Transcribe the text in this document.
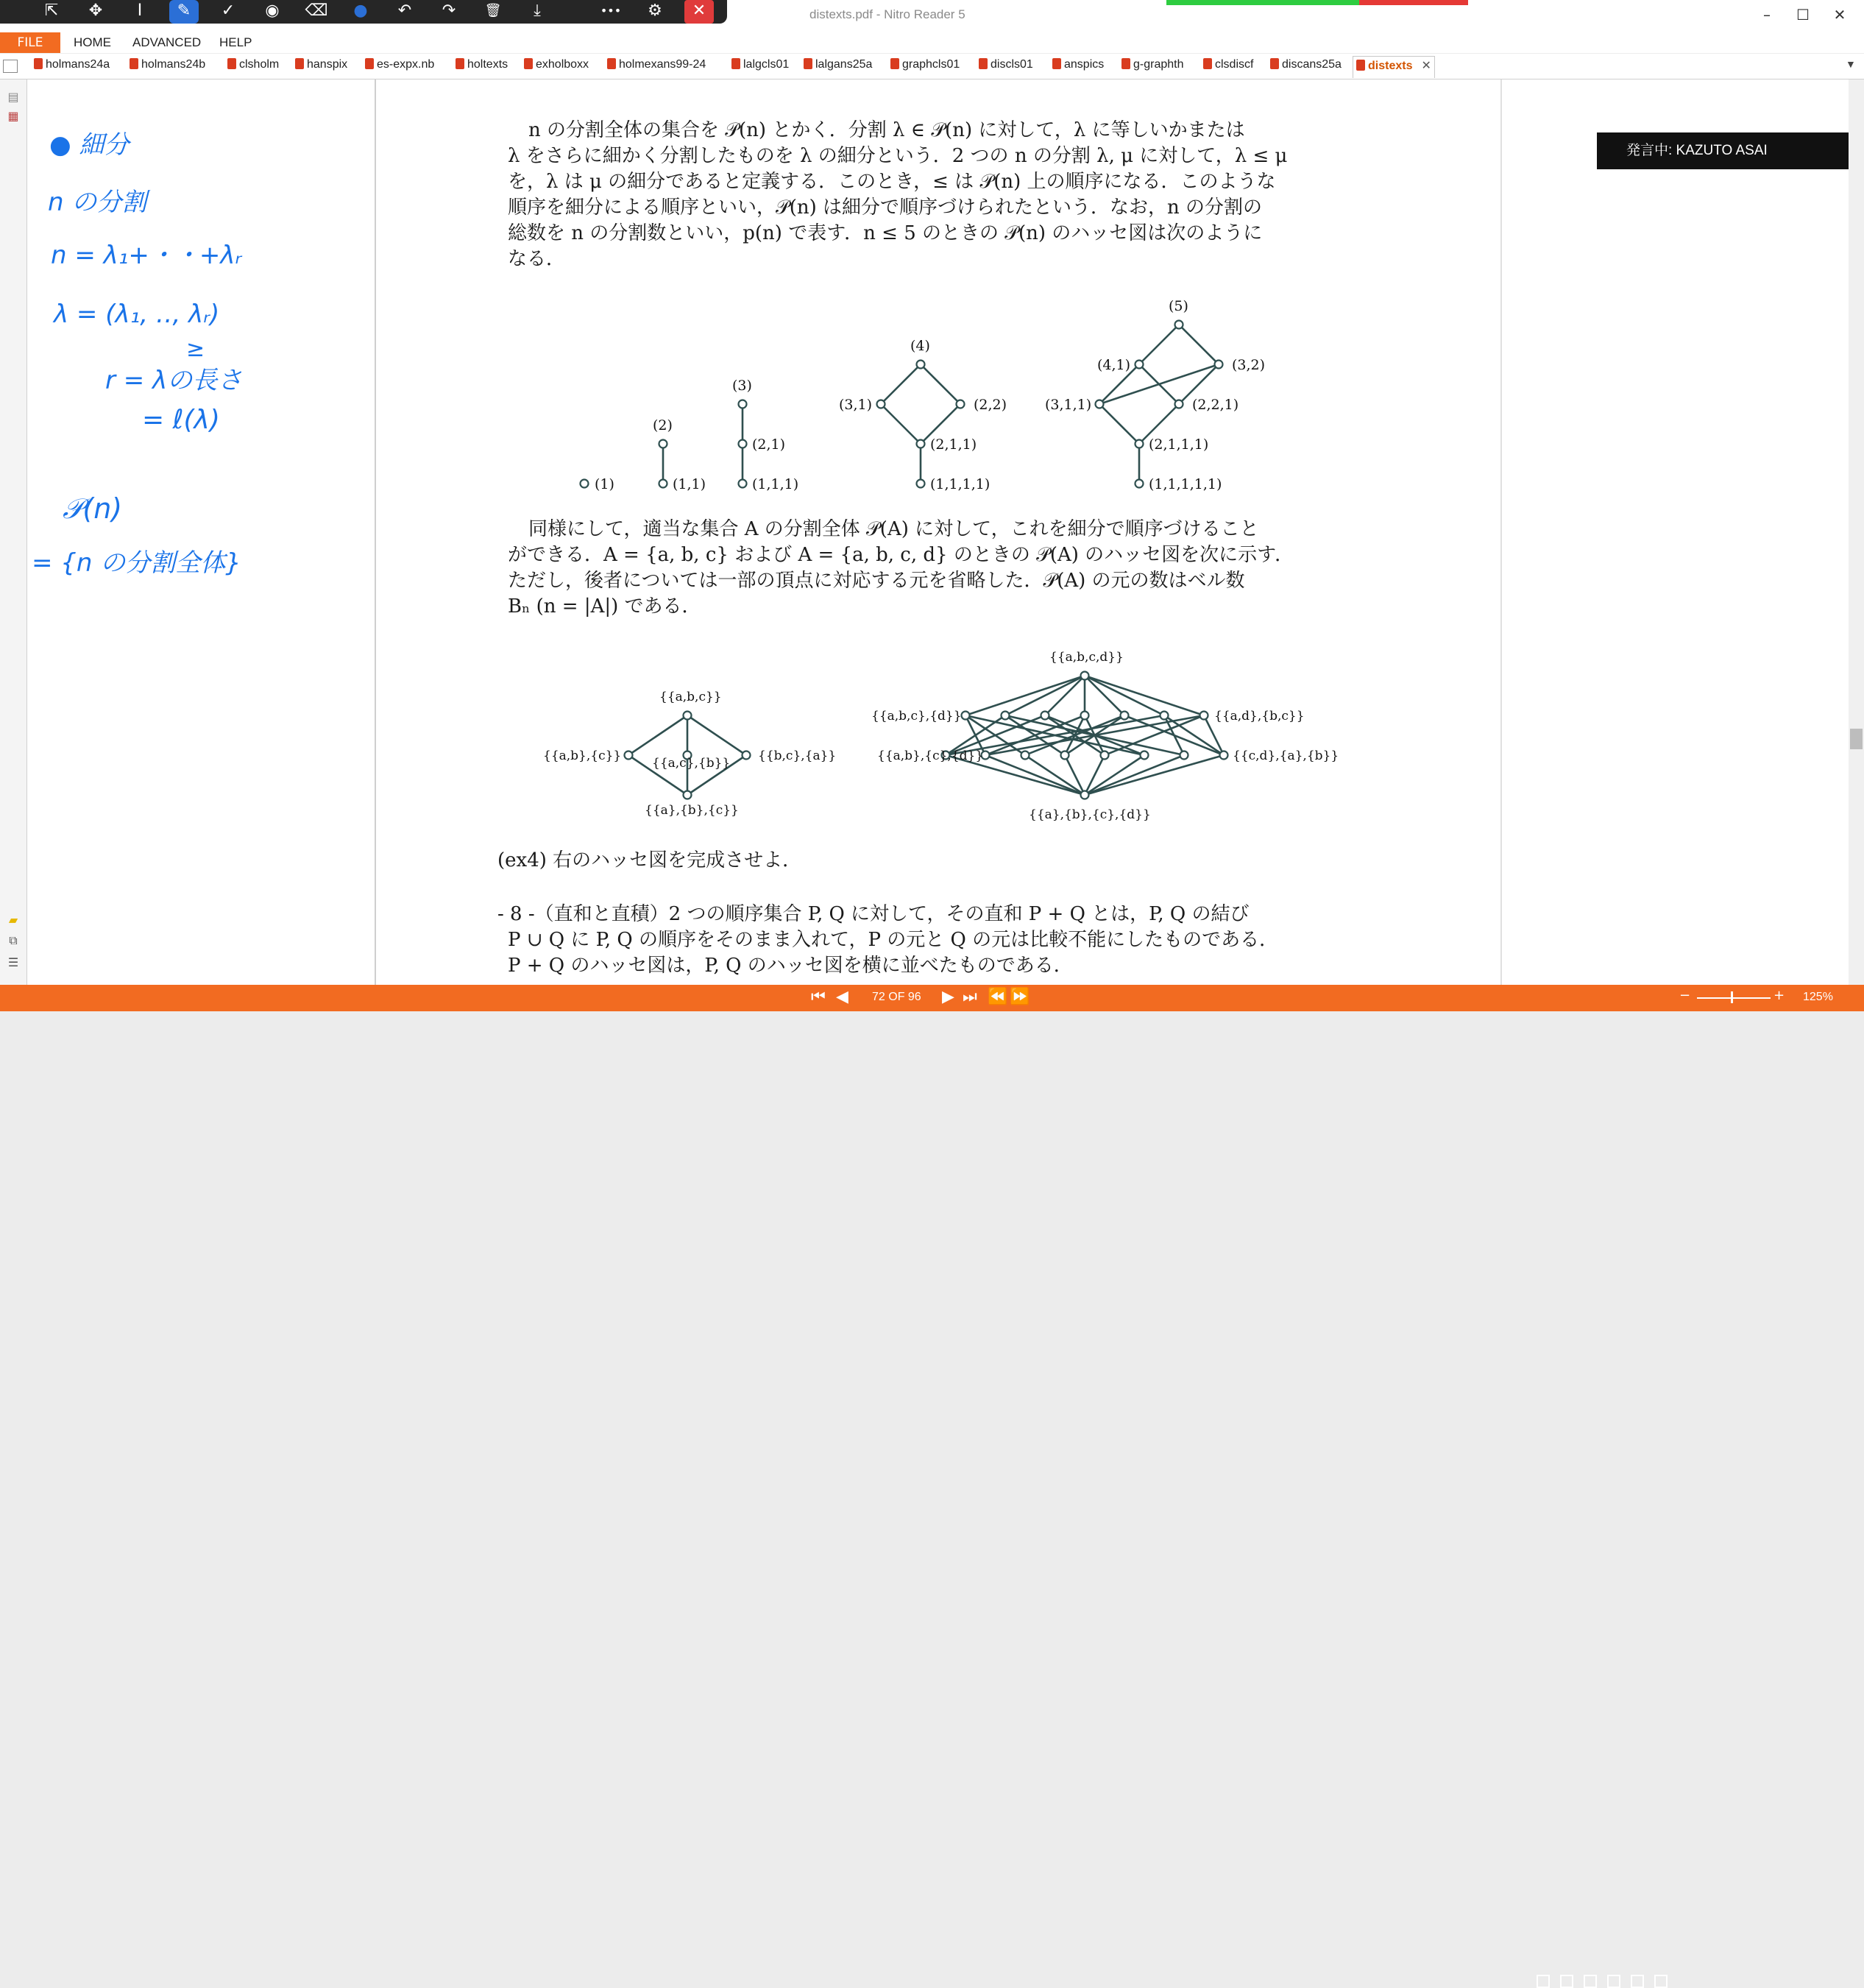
distexts.pdf - Nitro Reader 5	–	☐	✕
⇱	✥	I	✎	✓	◉	⌫	●	↶	↷	🗑	⤓	•••	⚙	✕
HOME ADVANCED HELP
FILE
holmans24a	holmans24b	clsholm	hanspix	es-expx.nb	holtexts	exholboxx	holmexans99-24	lalgcls01	lalgans25a	graphcls01	discls01	anspics	g-graphth	clsdiscf	discans25a	distexts ✕	▼
▤
▦
▰
⧉
☰
● 細分
n の分割
n = λ₁+・・+λᵣ
λ = (λ₁, ‥, λᵣ)
≥
r = λの長さ
= ℓ(λ)
𝒫(n)
= {n の分割全体}
n の分割全体の集合を 𝒫(n) とかく．分割 λ ∈ 𝒫(n) に対して，λ に等しいかまたは
λ をさらに細かく分割したものを λ の細分という．2 つの n の分割 λ, μ に対して，λ ≤ μ
を，λ は μ の細分であると定義する．このとき，≤ は 𝒫(n) 上の順序になる．このような
順序を細分による順序といい，𝒫(n) は細分で順序づけられたという．なお，n の分割の
総数を n の分割数といい，p(n) で表す．n ≤ 5 のときの 𝒫(n) のハッセ図は次のように
なる．
(1)
(2)
(1,1)
(3)
(2,1)
(1,1,1)
(4)
(3,1)	(2,2)
(2,1,1)
(1,1,1,1)
(5)
(4,1)	(3,2)
(3,1,1)	(2,2,1)
(2,1,1,1)
(1,1,1,1,1)
同様にして，適当な集合 A の分割全体 𝒫(A) に対して，これを細分で順序づけること
ができる．A = {a, b, c} および A = {a, b, c, d} のときの 𝒫(A) のハッセ図を次に示す．
ただし，後者については一部の頂点に対応する元を省略した．𝒫(A) の元の数はベル数
Bₙ (n = |A|) である．
{{a,b,c}}
{{a,b},{c}} {{a,c},{b}} {{b,c},{a}}
{{a},{b},{c}}
{{a,b,c,d}}
{{a,b,c},{d}}	{{a,d},{b,c}}
{{a,b},{c},{d}}	{{c,d},{a},{b}}
{{a},{b},{c},{d}}
(ex4) 右のハッセ図を完成させよ．
- 8 -（直和と直積）2 つの順序集合 P, Q に対して，その直和 P + Q とは，P, Q の結び
P ∪ Q に P, Q の順序をそのまま入れて，P の元と Q の元は比較不能にしたものである．
P + Q のハッセ図は，P, Q のハッセ図を横に並べたものである．
発言中: KAZUTO ASAI
⏮ ◀	▶ ⏭ ⏪ ⏩	−	+
72 OF 96	125%
